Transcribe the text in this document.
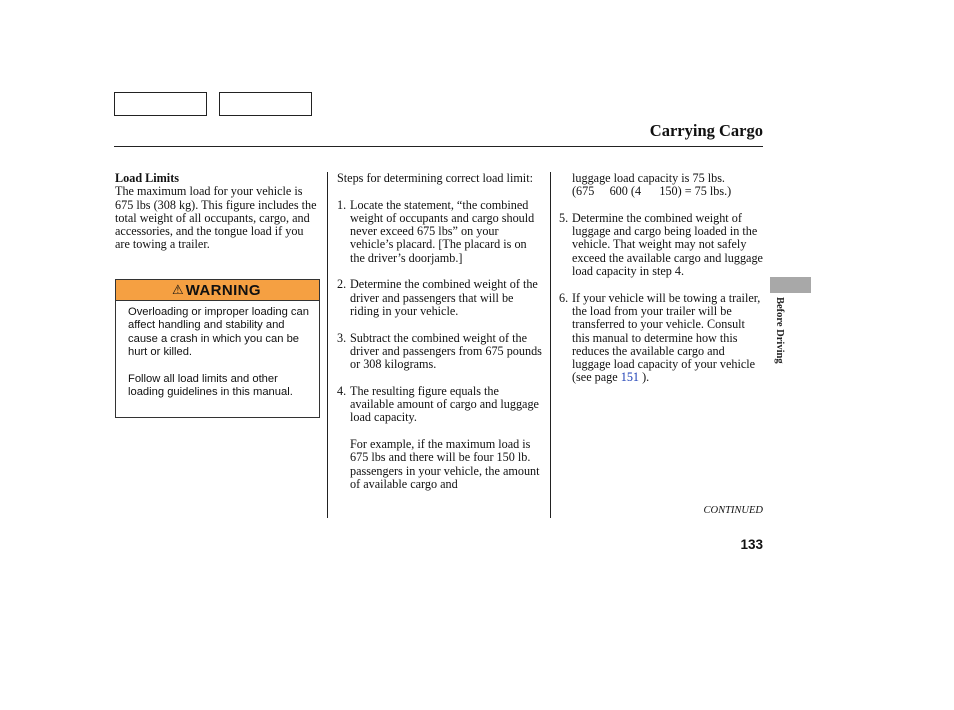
Carrying Cargo

Load Limits

The maximum load for your vehicle is 675 lbs (308 kg). This figure includes the total weight of all occupants, cargo, and accessories, and the tongue load if you are towing a trailer.

⚠ WARNING

Overloading or improper loading can affect handling and stability and cause a crash in which you can be hurt or killed.

Follow all load limits and other loading guidelines in this manual.

Steps for determining correct load limit:

1. Locate the statement, “the combined weight of occupants and cargo should never exceed 675 lbs” on your vehicle’s placard. [The placard is on the driver’s doorjamb.]
2. Determine the combined weight of the driver and passengers that will be riding in your vehicle.
3. Subtract the combined weight of the driver and passengers from 675 pounds or 308 kilograms.
4. The resulting figure equals the available amount of cargo and luggage load capacity.

For example, if the maximum load is 675 lbs and there will be four 150 lb. passengers in your vehicle, the amount of available cargo and

luggage load capacity is 75 lbs.

(675     600 (4      150) = 75 lbs.)

5. Determine the combined weight of luggage and cargo being loaded in the vehicle. That weight may not safely exceed the available cargo and luggage load capacity in step 4.
6. If your vehicle will be towing a trailer, the load from your trailer will be transferred to your vehicle. Consult this manual to determine how this reduces the available cargo and luggage load capacity of your vehicle (see page 151 ).
Before Driving
CONTINUED
133
